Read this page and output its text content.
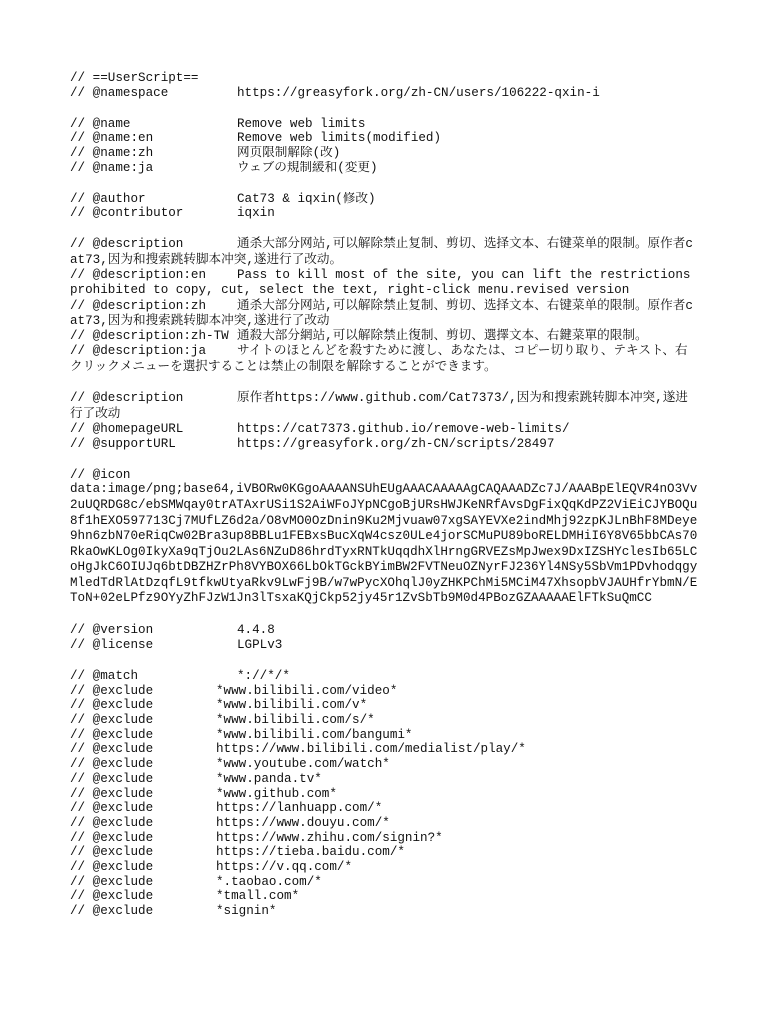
// ==UserScript==
// @namespace	https://greasyfork.org/zh-CN/users/106222-qxin-i
// @name	Remove web limits
// @name:en	Remove web limits(modified)
// @name:zh	网页限制解除(改)
// @name:ja	ウェブの規制緩和(変更)
// @author	Cat73 & iqxin(修改)
// @contributor	iqxin
// @description	通杀大部分网站,可以解除禁止复制、剪切、选择文本、右键菜单的限制。原作者cat73,因为和搜索跳转脚本冲突,遂进行了改动。
// @description:en Pass to kill most of the site, you can lift the restrictions prohibited to copy, cut, select the text, right-click menu.revised version
// @description:zh 通杀大部分网站,可以解除禁止复制、剪切、选择文本、右键菜单的限制。原作者cat73,因为和搜索跳转脚本冲突,遂进行了改动
// @description:zh-TW 通殺大部分網站,可以解除禁止復制、剪切、選擇文本、右鍵菜單的限制。
// @description:ja サイトのほとんどを殺すために渡し、あなたは、コピー切り取り、テキスト、右クリックメニューを選択することは禁止の制限を解除することができます。
// @description	原作者https://www.github.com/Cat7373/,因为和搜索跳转脚本冲突,遂进行了改动
// @homepageURL	https://cat7373.github.io/remove-web-limits/
// @supportURL	https://greasyfork.org/zh-CN/scripts/28497
// @icon
data:image/png;base64,iVBORw0KGgoAAAANSUhEUgAAACAAAAAgCAQAAADZc7J/AAABpElEQVR4nO3Vv2uUQRDG8c/ebSMWqay0trATAxrUSi1S2AiWFoJYpNCgoBjURsHWJKeNRfAvsDgFixQqKdPZ2ViEiCJYBOQu8f1hEXO597713Cj7MUfLZ6d2a/O8vMO0OzDnin9Ku2Mjvuaw07xgSAYEVXe2indMhj92zpKJLnBhF8MDeye9hn6zbN70eRiqCw02Bra3up8BBLu1FEBxsBucXqW4csz0ULe4jorSCMuPU89boRELDMHiI6Y8V65bbCAs70RkaOwKLOg0IkyXa9qTjOu2LAs6NZuD86hrdTyxRNTkUqqdhXlHrngGRVEZsMpJwex9DxIZSHYclesIb65LCoHgJkC6OIUJq6btDBZHZrPh8VYBOX66LbOkTGckBYimBW2FVTNeuOZNyrFJ236Yl4NSy5SbVm1PDvhodqgyMledTdRlAtDzqfL9tfkwUtyaRkv9LwFj9B/w7wPycXOhqlJ0yZHKPChMi5MCiM47XhsopbVJAUHfrYbmN/EToN+02eLPfz9OYyZhFJzW1Jn3lTsxaKQjCkp52jy45r1ZvSbTb9M0d4PBozGZAAAAAElFTkSuQmCC
// @version	4.4.8
// @license	LGPLv3
// @match	*://*/*
// @exclude	*www.bilibili.com/video*
// @exclude	*www.bilibili.com/v*
// @exclude	*www.bilibili.com/s/*
// @exclude	*www.bilibili.com/bangumi*
// @exclude	https://www.bilibili.com/medialist/play/*
// @exclude	*www.youtube.com/watch*
// @exclude	*www.panda.tv*
// @exclude	*www.github.com*
// @exclude	https://lanhuapp.com/*
// @exclude	https://www.douyu.com/*
// @exclude	https://www.zhihu.com/signin?*
// @exclude	https://tieba.baidu.com/*
// @exclude	https://v.qq.com/*
// @exclude	*.taobao.com/*
// @exclude	*tmall.com*
// @exclude	*signin*
